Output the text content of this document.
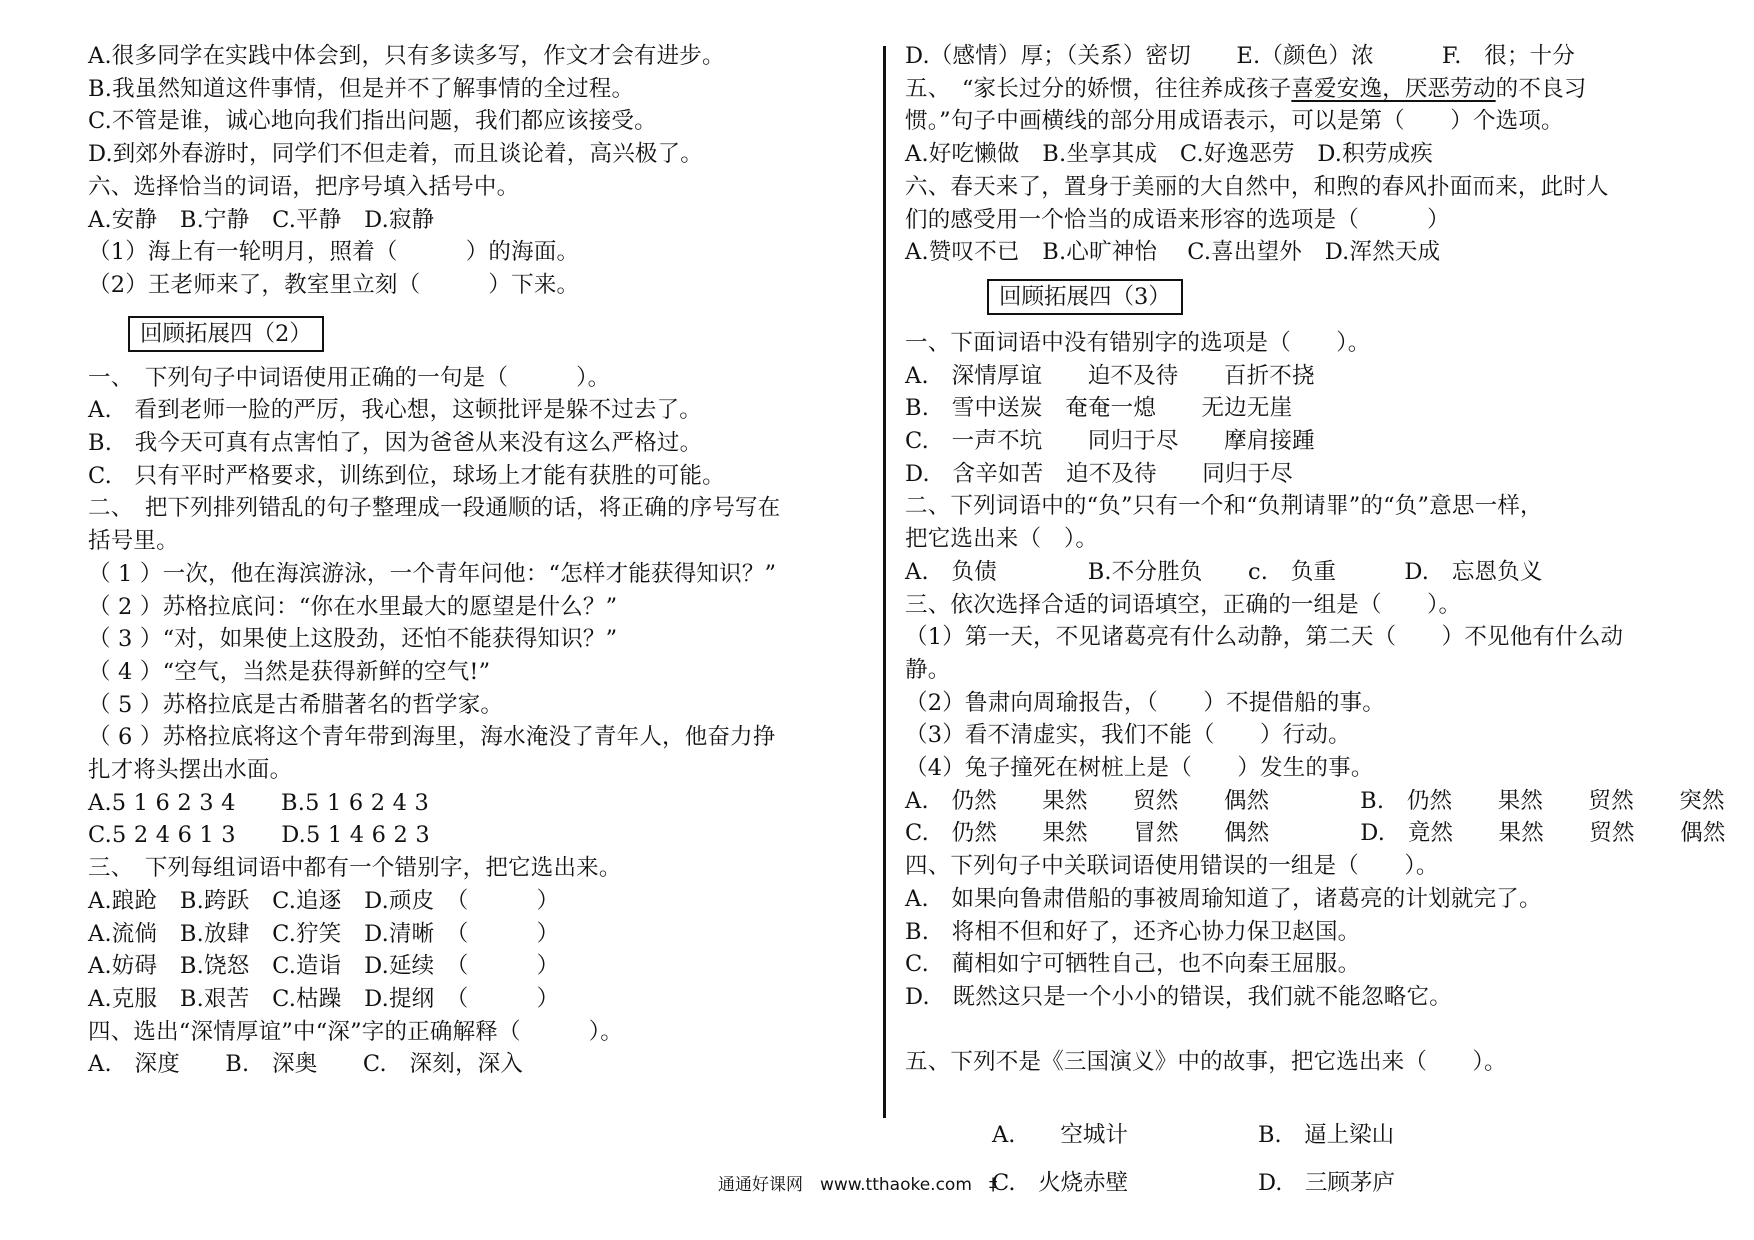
A.很多同学在实践中体会到，只有多读多写，作文才会有进步。
B.我虽然知道这件事情，但是并不了解事情的全过程。
C.不管是谁，诚心地向我们指出问题，我们都应该接受。
D.到郊外春游时，同学们不但走着，而且谈论着，高兴极了。
六、选择恰当的词语，把序号填入括号中。
A.安静　B.宁静　C.平静　D.寂静
（1）海上有一轮明月，照着（　　　）的海面。
（2）王老师来了，教室里立刻（　　　）下来。
回顾拓展四（2）
一、　下列句子中词语使用正确的一句是（　　　）。
A.　看到老师一脸的严厉，我心想，这顿批评是躲不过去了。
B.　我今天可真有点害怕了，因为爸爸从来没有这么严格过。
C.　只有平时严格要求，训练到位，球场上才能有获胜的可能。
二、　把下列排列错乱的句子整理成一段通顺的话，将正确的序号写在
括号里。
（ 1 ）一次，他在海滨游泳，一个青年问他：“怎样才能获得知识？”
（ 2 ）苏格拉底问：“你在水里最大的愿望是什么？”
（ 3 ）“对，如果使上这股劲，还怕不能获得知识？”
（ 4 ）“空气，当然是获得新鲜的空气!”
（ 5 ）苏格拉底是古希腊著名的哲学家。
（ 6 ）苏格拉底将这个青年带到海里，海水淹没了青年人，他奋力挣
扎才将头摆出水面。
A.5 1 6 2 3 4　　B.5 1 6 2 4 3
C.5 2 4 6 1 3　　D.5 1 4 6 2 3
三、　下列每组词语中都有一个错别字，把它选出来。
A.踉跄　B.跨跃　C.追逐　D.顽皮　（　　　）
A.流倘　B.放肆　C.狞笑　D.清晰　（　　　）
A.妨碍　B.饶怒　C.造诣　D.延续　（　　　）
A.克服　B.艰苦　C.枯躁　D.提纲　（　　　）
四、选出“深情厚谊”中“深”字的正确解释（　　　）。
A.　深度　　B.　深奥　　C.　深刻，深入
D.（感情）厚；（关系）密切　　E.（颜色）浓　　　F.　很；十分
五、　“家长过分的娇惯，往往养成孩子喜爱安逸，厌恶劳动的不良习
惯。”句子中画横线的部分用成语表示，可以是第（　　）个选项。
A.好吃懒做　B.坐享其成　C.好逸恶劳　D.积劳成疾
六、春天来了，置身于美丽的大自然中，和煦的春风扑面而来，此时人
们的感受用一个恰当的成语来形容的选项是（　　　）
A.赞叹不已　B.心旷神怡　 C.喜出望外　D.浑然天成
回顾拓展四（3）
一、下面词语中没有错别字的选项是（　　）。
A.　深情厚谊　　迫不及待　　百折不挠
B.　雪中送炭　奄奄一熄　　无边无崖
C.　一声不坑　　同归于尽　　摩肩接踵
D.　含辛如苦　迫不及待　　同归于尽
二、下列词语中的“负”只有一个和“负荆请罪”的“负”意思一样，
把它选出来（　）。
A.　负债　　　　B.不分胜负　　c.　负重　　　D.　忘恩负义
三、依次选择合适的词语填空，正确的一组是（　　）。
（1）第一天，不见诸葛亮有什么动静，第二天（　　）不见他有什么动
静。
（2）鲁肃向周瑜报告，（　　）不提借船的事。
（3）看不清虚实，我们不能（　　）行动。
（4）兔子撞死在树桩上是（　　）发生的事。
A.　仍然　　果然　　贸然　　偶然　　　　B.　仍然　　果然　　贸然　　突然
C.　仍然　　果然　　冒然　　偶然　　　　D.　竟然　　果然　　贸然　　偶然
四、下列句子中关联词语使用错误的一组是（　　）。
A.　如果向鲁肃借船的事被周瑜知道了，诸葛亮的计划就完了。
B.　将相不但和好了，还齐心协力保卫赵国。
C.　蔺相如宁可牺牲自己，也不向秦王屈服。
D.　既然这只是一个小小的错误，我们就不能忽略它。
五、下列不是《三国演义》中的故事，把它选出来（　　）。
A.　　空城计	B.　逼上梁山
C.　火烧赤壁	D.　三顾茅庐
通通好课网　www.tthaoke.com　‡
